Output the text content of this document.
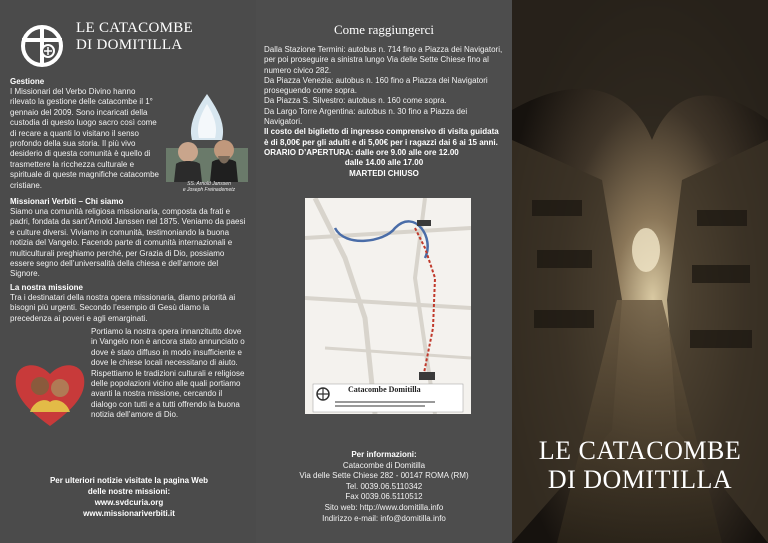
LE CATACOMBE
DI DOMITILLA
Gestione
I Missionari del Verbo Divino hanno rilevato la gestione delle catacombe il 1° gennaio del 2009. Sono incaricati della custodia di questo luogo sacro così come di recare a quanti lo visitano il senso profondo della sua storia. Il più vivo desiderio di questa comunità è quello di trasmettere la ricchezza culturale e spirituale di queste magnifiche catacombe cristiane.	SS. Arnold Janssen
e Joseph Freinademetz
Missionari Verbiti – Chi siamo
Siamo una comunità religiosa missionaria, composta da frati e padri, fondata da sant’Arnold Janssen nel 1875. Veniamo da paesi e culture diversi. Viviamo in comunità, testimoniando la buona notizia del Vangelo. Facendo parte di comunità internazionali e multiculturali preghiamo perché, per Grazia di Dio, possiamo essere segno dell’universalità della chiesa e dell’amore del Signore.
La nostra missione
Tra i destinatari della nostra opera missionaria, diamo priorità ai bisogni più urgenti. Secondo l’esempio di Gesù diamo la precedenza ai poveri e agli emarginati.
Portiamo la nostra opera innanzitutto dove in Vangelo non è ancora stato annunciato o dove è stato diffuso in modo insufficiente e dove le chiese locali necessitano di aiuto. Rispettiamo le tradizioni culturali e religiose delle popolazioni vicino alle quali portiamo avanti la nostra missione, cercando il dialogo con tutti e a tutti offrendo la buona notizia dell’amore di Dio.
Per ulteriori notizie visitate la pagina Web
delle nostre missioni:
www.svdcuria.org
www.missionariverbiti.it
Dalla Stazione Termini: autobus n. 714 fino a Piazza dei Navigatori, per poi proseguire a sinistra lungo Via delle Sette Chiese fino al numero civico 282.
Da Piazza Venezia: autobus n. 160 fino a Piazza dei Navigatori proseguendo come sopra.
Da Piazza S. Silvestro: autobus n. 160 come sopra.
Da Largo Torre Argentina: autobus n. 30 fino a Piazza dei Navigatori.
Il costo del biglietto di ingresso comprensivo di visita guidata è di 8,00€ per gli adulti e di 5,00€ per i ragazzi dai 6 ai 15 anni.
ORARIO D’APERTURA: dalle ore 9.00 alle ore 12.00
dalle 14.00 alle 17.00
MARTEDI CHIUSO
Catacombe Domitilla
Per informazioni:
Catacombe di Domitilla
Via delle Sette Chiese 282 - 00147 ROMA (RM)
Tel. 0039.06.5110342
Fax 0039.06.5110512
Sito web: http://www.domitilla.info
Indirizzo e-mail: info@domitilla.info
Come raggiungerci
LE CATACOMBE
DI DOMITILLA
